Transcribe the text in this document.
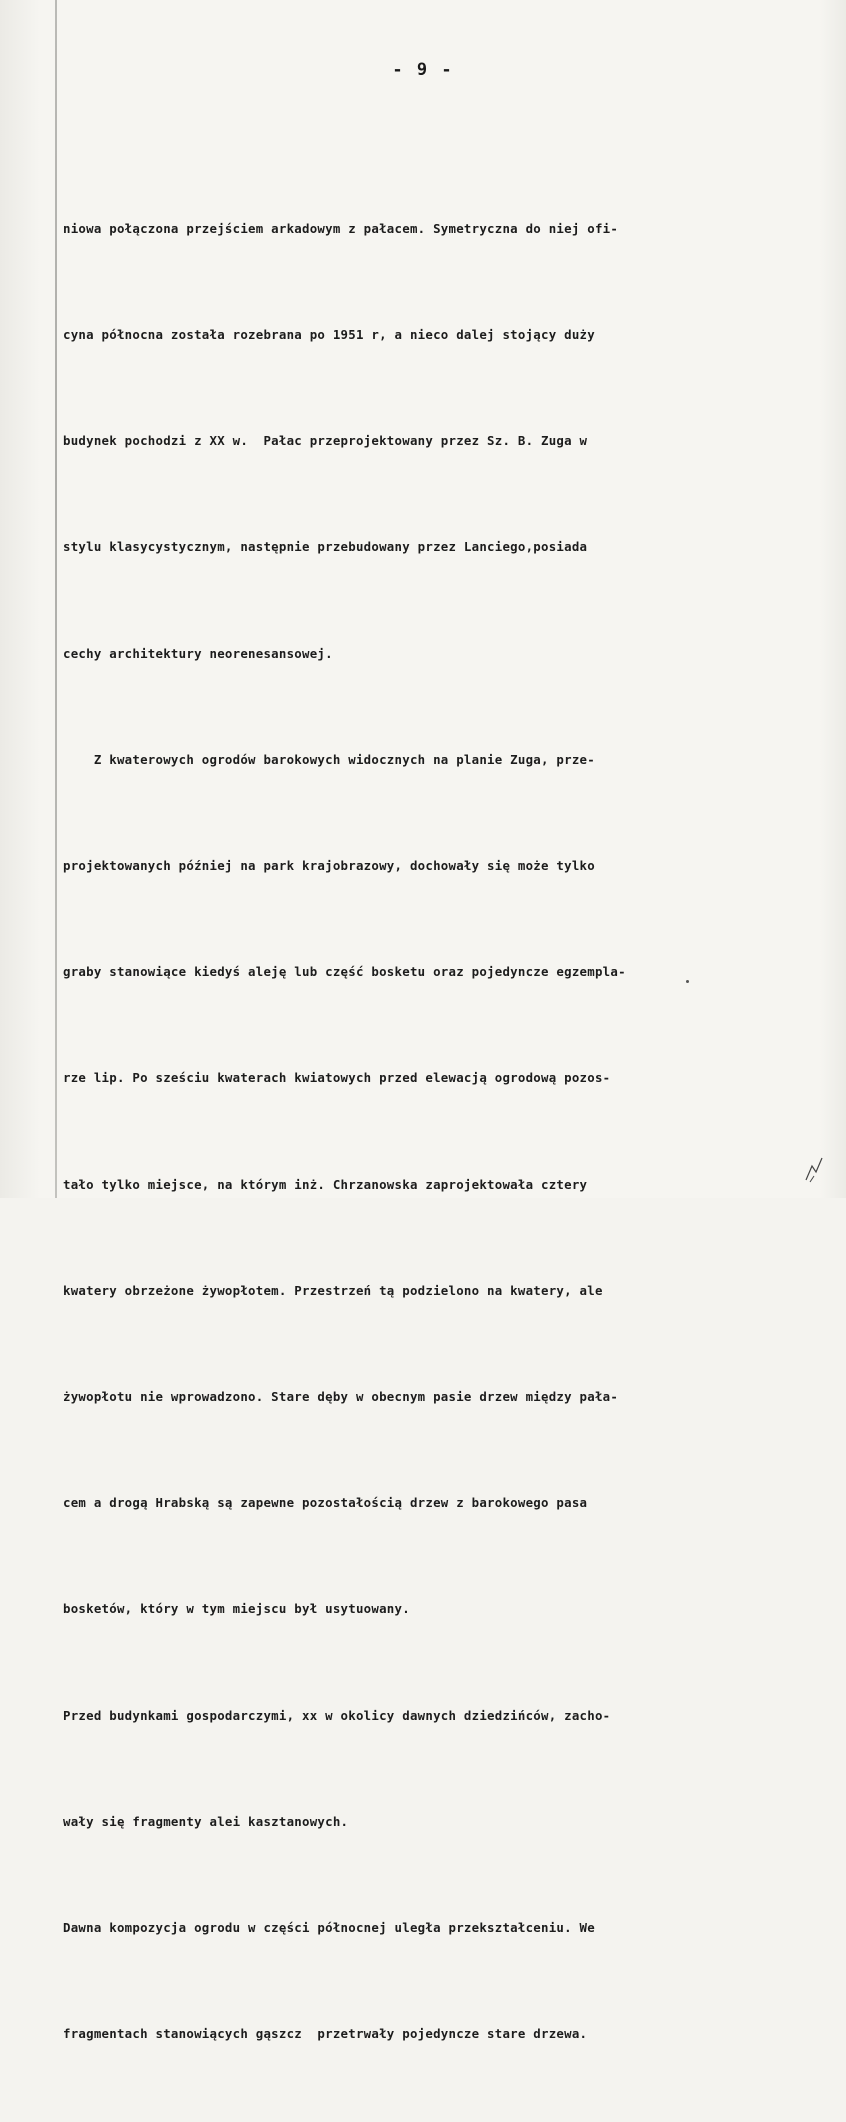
- 9 -

niowa połączona przejściem arkadowym z pałacem. Symetryczna do niej ofi-

cyna północna została rozebrana po 1951 r, a nieco dalej stojący duży

budynek pochodzi z XX w.  Pałac przeprojektowany przez Sz. B. Zuga w

stylu klasycystycznym, następnie przebudowany przez Lanciego,posiada

cechy architektury neorenesansowej.

Z kwaterowych ogrodów barokowych widocznych na planie Zuga, prze-

projektowanych później na park krajobrazowy, dochowały się może tylko

graby stanowiące kiedyś aleję lub część bosketu oraz pojedyncze egzempla-

rze lip. Po sześciu kwaterach kwiatowych przed elewacją ogrodową pozos-

tało tylko miejsce, na którym inż. Chrzanowska zaprojektowała cztery

kwatery obrzeżone żywopłotem. Przestrzeń tą podzielono na kwatery, ale

żywopłotu nie wprowadzono. Stare dęby w obecnym pasie drzew między pała-

cem a drogą Hrabską są zapewne pozostałością drzew z barokowego pasa

bosketów, który w tym miejscu był usytuowany.

Przed budynkami gospodarczymi, xx w okolicy dawnych dziedzińców, zacho-

wały się fragmenty alei kasztanowych.

Dawna kompozycja ogrodu w części północnej uległa przekształceniu. We

fragmentach stanowiących gąszcz  przetrwały pojedyncze stare drzewa.
